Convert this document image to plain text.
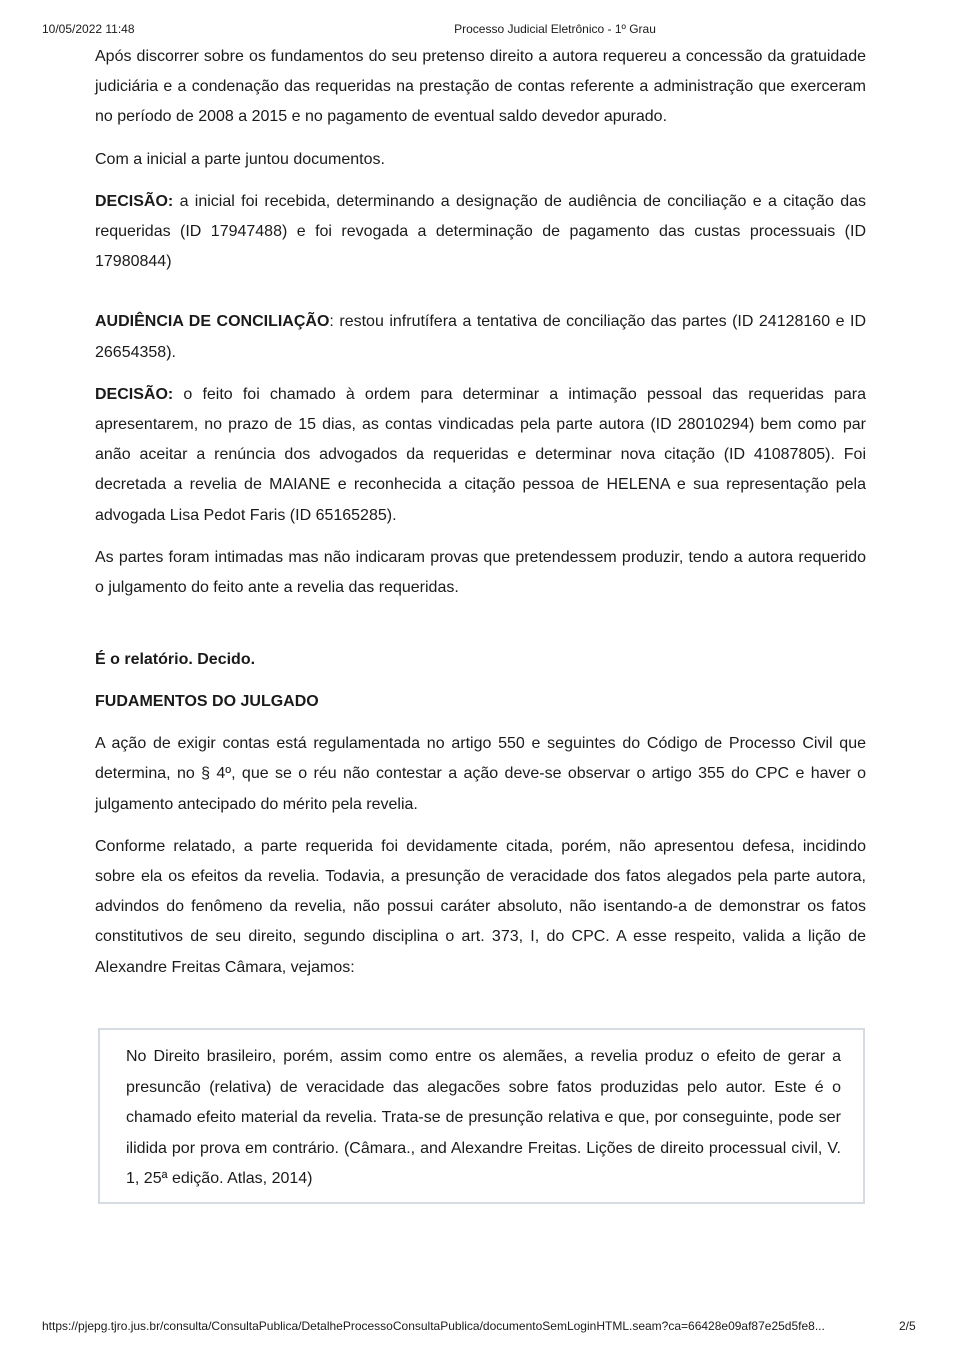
10/05/2022 11:48	Processo Judicial Eletrônico - 1º Grau

Após discorrer sobre os fundamentos do seu pretenso direito a autora requereu a concessão da gratuidade judiciária e a condenação das requeridas na prestação de contas referente a administração que exerceram no período de 2008 a 2015 e no pagamento de eventual saldo devedor apurado.

Com a inicial a parte juntou documentos.

DECISÃO: a inicial foi recebida, determinando a designação de audiência de conciliação e a citação das requeridas (ID 17947488) e foi revogada a determinação de pagamento das custas processuais (ID 17980844)

AUDIÊNCIA DE CONCILIAÇÃO: restou infrutífera a tentativa de conciliação das partes (ID 24128160 e ID 26654358).

DECISÃO: o feito foi chamado à ordem para determinar a intimação pessoal das requeridas para apresentarem, no prazo de 15 dias, as contas vindicadas pela parte autora (ID 28010294) bem como par anão aceitar a renúncia dos advogados da requeridas e determinar nova citação (ID 41087805). Foi decretada a revelia de MAIANE e reconhecida a citação pessoa de HELENA e sua representação pela advogada Lisa Pedot Faris (ID 65165285).

As partes foram intimadas mas não indicaram provas que pretendessem produzir, tendo a autora requerido o julgamento do feito ante a revelia das requeridas.

É o relatório. Decido.

FUDAMENTOS DO JULGADO

A ação de exigir contas está regulamentada no artigo 550 e seguintes do Código de Processo Civil que determina, no § 4º, que se o réu não contestar a ação deve-se observar o artigo 355 do CPC e haver o julgamento antecipado do mérito pela revelia.

Conforme relatado, a parte requerida foi devidamente citada, porém, não apresentou defesa, incidindo sobre ela os efeitos da revelia. Todavia, a presunção de veracidade dos fatos alegados pela parte autora, advindos do fenômeno da revelia, não possui caráter absoluto, não isentando-a de demonstrar os fatos constitutivos de seu direito, segundo disciplina o art. 373, I, do CPC. A esse respeito, valida a lição de Alexandre Freitas Câmara, vejamos:

No Direito brasileiro, porém, assim como entre os alemães, a revelia produz o efeito de gerar a presuncão (relativa) de veracidade das alegacões sobre fatos produzidas pelo autor. Este é o chamado efeito material da revelia. Trata-se de presunção relativa e que, por conseguinte, pode ser ilidida por prova em contrário. (Câmara., and Alexandre Freitas. Lições de direito processual civil, V. 1, 25ª edição. Atlas, 2014)

https://pjepg.tjro.jus.br/consulta/ConsultaPublica/DetalheProcessoConsultaPublica/documentoSemLoginHTML.seam?ca=66428e09af87e25d5fe8...	2/5
